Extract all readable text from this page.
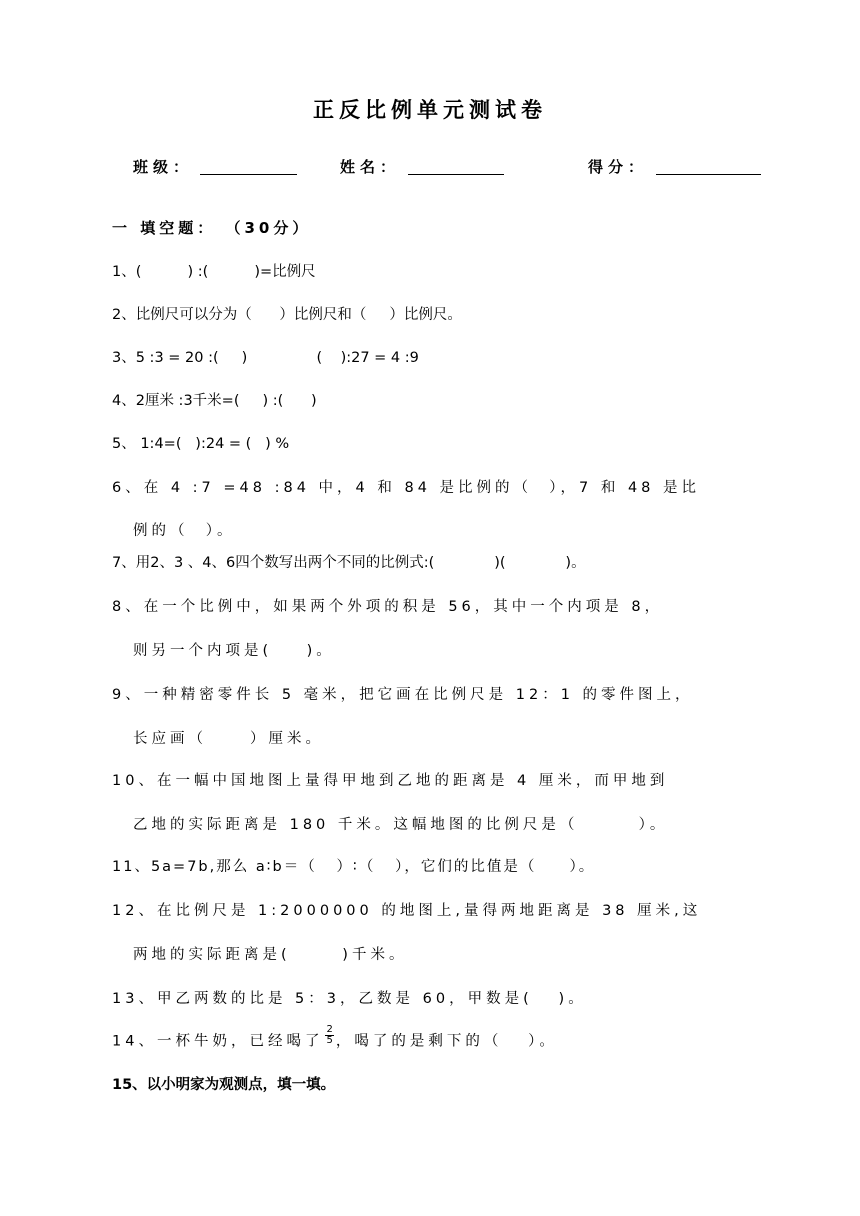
正反比例单元测试卷
班级：	姓名：	得分：
一 填空题： （30分）
1、(          ) :(          )=比例尺
2、比例尺可以分为（      ）比例尺和（     ）比例尺。
3、5 :3 = 20 :(     )               (    ):27 = 4 :9
4、2厘米 :3千米=(     ) :(      )
5、 1:4=(   ):24 = (   ) %
6、在 4 :7 =48 :84 中，4 和 84 是比例的（  ），7 和 48 是比
例的（  ）。
7、用2、3 、4、6四个数写出两个不同的比例式:(             )(             )。
8、在一个比例中，如果两个外项的积是 56，其中一个内项是 8，
则另一个内项是(    )。
9、一种精密零件长 5 毫米，把它画在比例尺是 12：1 的零件图上，
长应画（     ）厘米。
10、在一幅中国地图上量得甲地到乙地的距离是 4 厘米，而甲地到
乙地的实际距离是 180 千米。这幅地图的比例尺是（       ）。
11、5a=7b,那么 a∶b＝（   ）∶（   ），它们的比值是（     ）。
12、在比例尺是 1:2000000 的地图上,量得两地距离是 38 厘米,这
两地的实际距离是(      )千米。
13、甲乙两数的比是 5：3，乙数是 60，甲数是(   )。
14、一杯牛奶，已经喝了 $\frac{2}{5}$ ，喝了的是剩下的（   ）。
15、以小明家为观测点，填一填。
